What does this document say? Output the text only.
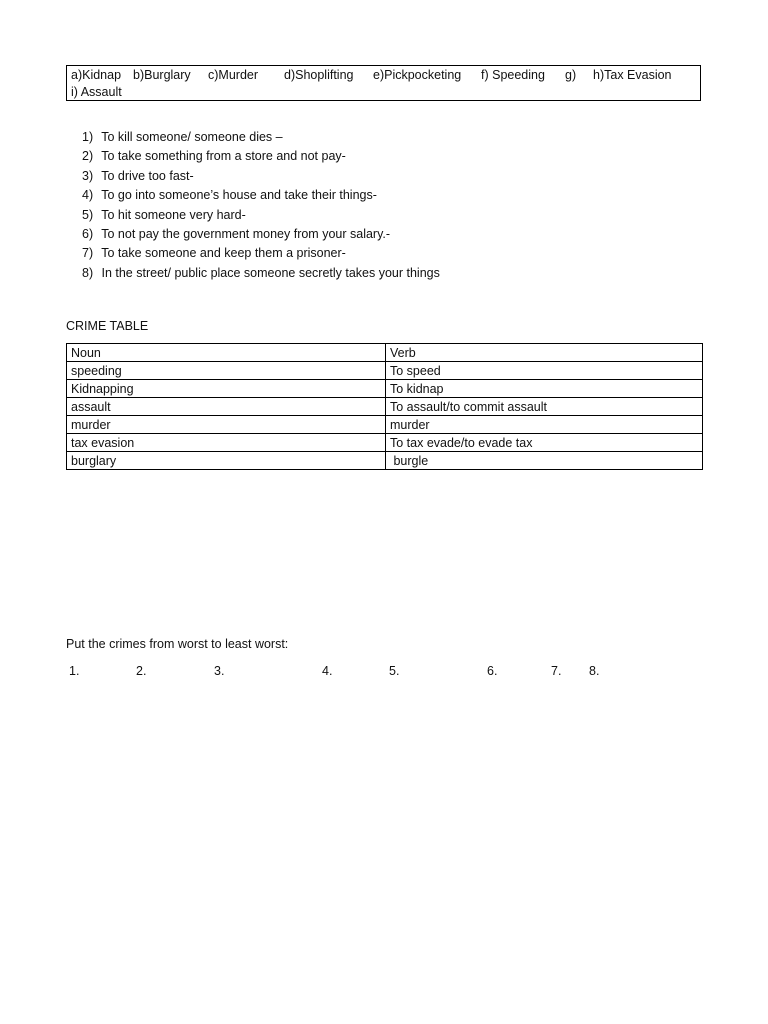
a)Kidnap b)Burglary c)Murder d)Shoplifting e)Pickpocketing f) Speeding g) h)Tax Evasion
i) Assault
1) To kill someone/ someone dies –
2) To take something from a store and not pay-
3) To drive too fast-
4) To go into someone’s house and take their things-
5) To hit someone very hard-
6) To not pay the government money from your salary.-
7) To take someone and keep them a prisoner-
8) In the street/ public place someone secretly takes your things
CRIME TABLE
Noun	Verb
speeding	To speed
Kidnapping	To kidnap
assault	To assault/to commit assault
murder	murder
tax evasion	To tax evade/to evade tax
burglary	burgle
Put the crimes from worst to least worst:
1.	2.	3.	4.	5.	6.	7. 8.
